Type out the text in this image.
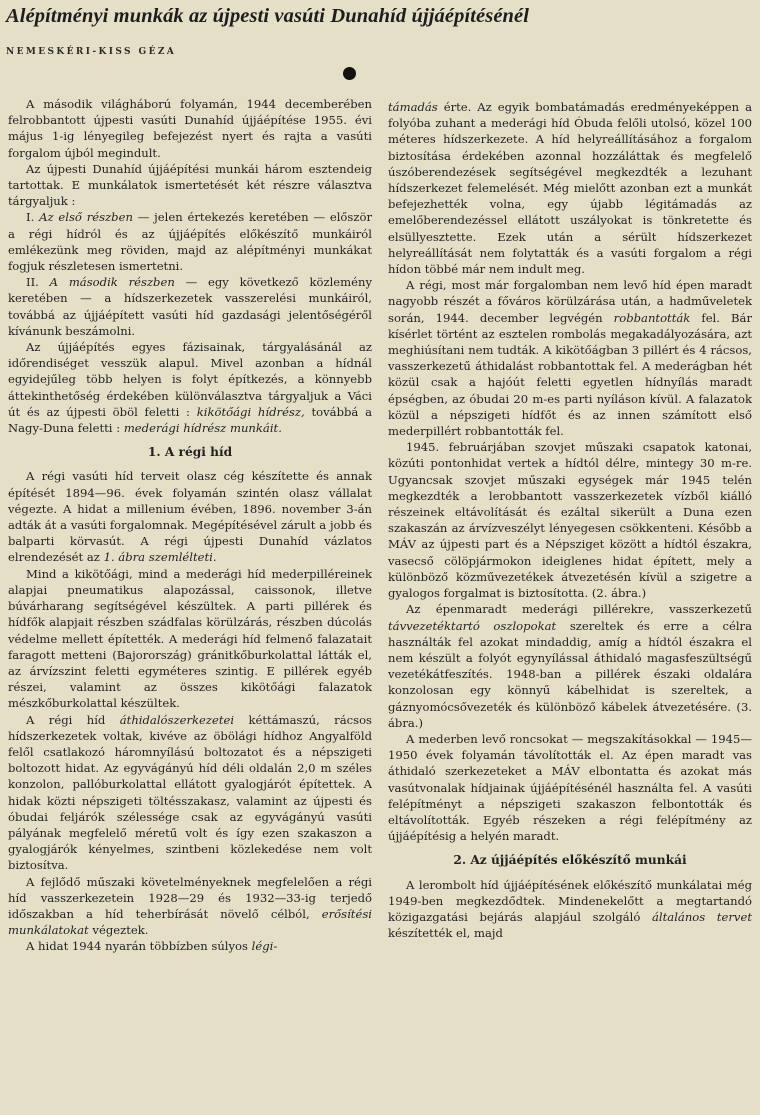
Alépítményi munkák az újpesti vasúti Dunahíd újjáépítésénél
NEMESKÉRI-KISS GÉZA

A második világháború folyamán, 1944 decemberében felrobbantott újpesti vasúti Dunahíd újjáépítése 1955. évi május 1-ig lényegileg befejezést nyert és rajta a vasúti forgalom újból megindult.

Az újpesti Dunahíd újjáépítési munkái három esztendeig tartottak. E munkálatok ismertetését két részre választva tárgyaljuk :

I. Az első részben — jelen értekezés keretében — először a régi hídról és az újjáépítés előkészítő munkáiról emlékezünk meg röviden, majd az alépítményi munkákat fogjuk részletesen ismertetni.

II. A második részben — egy következő közlemény keretében — a hídszerkezetek vasszerelési munkáiról, továbbá az újjáépített vasúti híd gazdasági jelentőségéről kívánunk beszámolni.

Az újjáépítés egyes fázisainak, tárgyalásánál az időrendiséget vesszük alapul. Mivel azonban a hídnál egyidejűleg több helyen is folyt építkezés, a könnyebb áttekinthetőség érdekében különválasztva tárgyaljuk a Váci út és az újpesti öböl feletti : kikötőági hídrész, továbbá a Nagy-Duna feletti : mederági hídrész munkáit.

1. A régi híd

A régi vasúti híd terveit olasz cég készítette és annak építését 1894—96. évek folyamán szintén olasz vállalat végezte. A hidat a millenium évében, 1896. november 3-án adták át a vasúti forgalomnak. Megépítésével zárult a jobb és balparti körvasút. A régi újpesti Dunahíd vázlatos elrendezését az 1. ábra szemlélteti.

Mind a kikötőági, mind a mederági híd mederpilléreinek alapjai pneumatikus alapozással, caissonok, illetve búvárharang segítségével készültek. A parti pillérek és hídfők alapjait részben szádfalas körülzárás, részben dúcolás védelme mellett építették. A mederági híd felmenő falazatait faragott metteni (Bajorország) gránitkőburkolattal látták el, az árvízszint feletti egyméteres szintig. E pillérek egyéb részei, valamint az összes kikötőági falazatok mészkőburkolattal készültek.

A régi híd áthidalószerkezetei kéttámaszú, rácsos hídszerkezetek voltak, kivéve az öbölági hídhoz Angyalföld felől csatlakozó háromnyílású boltozatot és a népszigeti boltozott hidat. Az egyvágányú híd déli oldalán 2,0 m széles konzolon, pallóburkolattal ellátott gyalogjárót építettek. A hidak közti népszigeti töltésszakasz, valamint az újpesti és óbudai feljárók szélessége csak az egyvágányú vasúti pályának megfelelő méretű volt és így ezen szakaszon a gyalogjárók kényelmes, szintbeni közlekedése nem volt biztosítva.

A fejlődő műszaki követelményeknek megfelelően a régi híd vasszerkezetein 1928—29 és 1932—33-ig terjedő időszakban a híd teherbírását növelő célból, erősítési munkálatokat végeztek.

A hidat 1944 nyarán többízben súlyos légi-

támadás érte. Az egyik bombatámadás eredményeképpen a folyóba zuhant a mederági híd Óbuda felőli utolsó, közel 100 méteres hídszerkezete. A híd helyreállításához a forgalom biztosítása érdekében azonnal hozzáláttak és megfelelő úszóberendezések segítségével megkezdték a lezuhant hídszerkezet felemelését. Még mielőtt azonban ezt a munkát befejezhették volna, egy újabb légitámadás az emelőberendezéssel ellátott uszályokat is tönkretette és elsüllyesztette. Ezek után a sérült hídszerkezet helyreállítását nem folytatták és a vasúti forgalom a régi hídon többé már nem indult meg.

A régi, most már forgalomban nem levő híd épen maradt nagyobb részét a főváros körülzárása után, a hadműveletek során, 1944. december legvégén robbantották fel. Bár kísérlet történt az esztelen rombolás megakadályozására, azt meghiúsítani nem tudták. A kikötőágban 3 pillért és 4 rácsos, vasszerkezetű áthidalást robbantottak fel. A mederágban hét közül csak a hajóút feletti egyetlen hídnyílás maradt épségben, az óbudai 20 m-es parti nyíláson kívül. A falazatok közül a népszigeti hídfőt és az innen számított első mederpillért robbantották fel.

1945. februárjában szovjet műszaki csapatok katonai, közúti pontonhidat vertek a hídtól délre, mintegy 30 m-re. Ugyancsak szovjet műszaki egységek már 1945 telén megkezdték a lerobbantott vasszerkezetek vízből kiálló részeinek eltávolítását és ezáltal sikerült a Duna ezen szakaszán az árvízveszélyt lényegesen csökkenteni. Később a MÁV az újpesti part és a Népsziget között a hídtól északra, vasecső cölöpjármokon ideiglenes hidat épített, mely a különböző közművezetékek átvezetésén kívül a szigetre a gyalogos forgalmat is biztosította. (2. ábra.)

Az épenmaradt mederági pillérekre, vasszerkezetű távvezetéktartó oszlopokat szereltek és erre a célra használták fel azokat mindaddig, amíg a hídtól északra el nem készült a folyót egynyílással áthidaló magasfeszültségű vezetékátfeszítés. 1948-ban a pillérek északi oldalára konzolosan egy könnyű kábelhidat is szereltek, a gáznyomócsővezeték és különböző kábelek átvezetésére. (3. ábra.)

A mederben levő roncsokat — megszakításokkal — 1945—1950 évek folyamán távolították el. Az épen maradt vas áthidaló szerkezeteket a MÁV elbontatta és azokat más vasútvonalak hídjainak újjáépítésénél használta fel. A vasúti felépítményt a népszigeti szakaszon felbontották és eltávolították. Egyéb részeken a régi felépítmény az újjáépítésig a helyén maradt.

2. Az újjáépítés előkészítő munkái

A lerombolt híd újjáépítésének előkészítő munkálatai még 1949-ben megkezdődtek. Mindenekelőtt a megtartandó közigazgatási bejárás alapjául szolgáló általános tervet készítették el, majd
